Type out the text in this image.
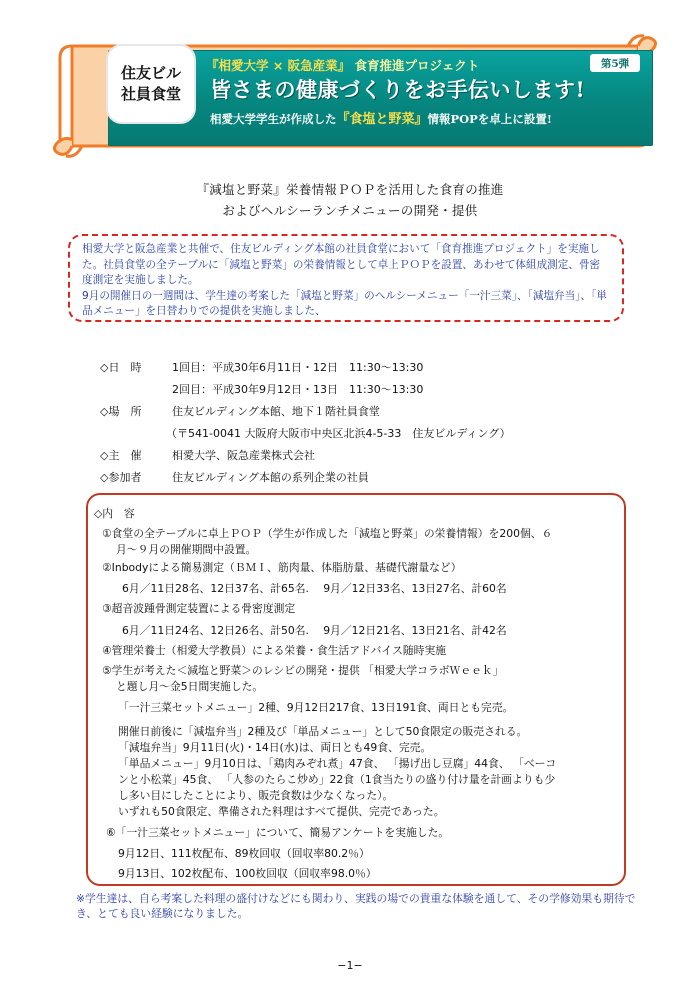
住友ビル
社員食堂
『相愛大学 × 阪急産業』 食育推進プロジェクト	第5弾
皆さまの健康づくりをお手伝いします!
相愛大学学生が作成した『食塩と野菜』情報POPを卓上に設置!
『減塩と野菜』栄養情報ＰＯＰを活用した食育の推進
およびヘルシーランチメニューの開発・提供

相愛大学と阪急産業と共催で、住友ビルディング本館の社員食堂において「食育推進プロジェクト」を実施した。社員食堂の全テーブルに「減塩と野菜」の栄養情報として卓上ＰＯＰを設置、あわせて体組成測定、骨密度測定を実施しました。

9月の開催日の一週間は、学生達の考案した「減塩と野菜」のヘルシーメニュー「一汁三菜」、「減塩弁当」、「単品メニュー」を日替わりでの提供を実施しました、

◇日　時	1回目：平成30年6月11日・12日　11:30～13:30
2回目：平成30年9月12日・13日　11:30～13:30
◇場　所	住友ビルディング本館、地下１階社員食堂
（〒541-0041 大阪府大阪市中央区北浜4-5-33　住友ビルディング）
◇主　催	相愛大学、阪急産業株式会社
◇参加者	住友ビルディング本館の系列企業の社員
◇内　容
①食堂の全テーブルに卓上ＰＯＰ（学生が作成した「減塩と野菜」の栄養情報）を200個、６
月～９月の開催期間中設置。
②Inbodyによる簡易測定（ＢＭＩ、筋肉量、体脂肪量、基礎代謝量など）
6月／11日28名、12日37名、計65名.　 9月／12日33名、13日27名、計60名
③超音波踵骨測定装置による骨密度測定
6月／11日24名、12日26名、計50名.　 9月／12日21名、13日21名、計42名
④管理栄養士（相愛大学教員）による栄養・食生活アドバイス随時実施
⑤学生が考えた＜減塩と野菜＞のレシピの開発・提供 「相愛大学コラボＷｅｅｋ」
と題し月～金5日間実施した。
「一汁三菜セットメニュー」2種、9月12日217食、13日191食、両日とも完売。
開催日前後に「減塩弁当」2種及び「単品メニュー」として50食限定の販売される。
「減塩弁当」9月11日(火)・14日(水)は、両日とも49食、完売。
「単品メニュー」9月10日は、「鶏肉みぞれ煮」47食、 「揚げ出し豆腐」44食、 「ベーコ
ンと小松菜」45食、 「人参のたらこ炒め」22食（1食当たりの盛り付け量を計画よりも少
し多い目にしたことにより、販売食数は少なくなった）。
いずれも50食限定、準備された料理はすべて提供、完売であった。
⑥「一汁三菜セットメニュー」について、簡易アンケートを実施した。
9月12日、111枚配布、89枚回収（回収率80.2％）
9月13日、102枚配布、100枚回収（回収率98.0％）
※学生達は、自ら考案した料理の盛付けなどにも関わり、実践の場での貴重な体験を通して、その学修効果も期待でき、とても良い経験になりました。
−1−
